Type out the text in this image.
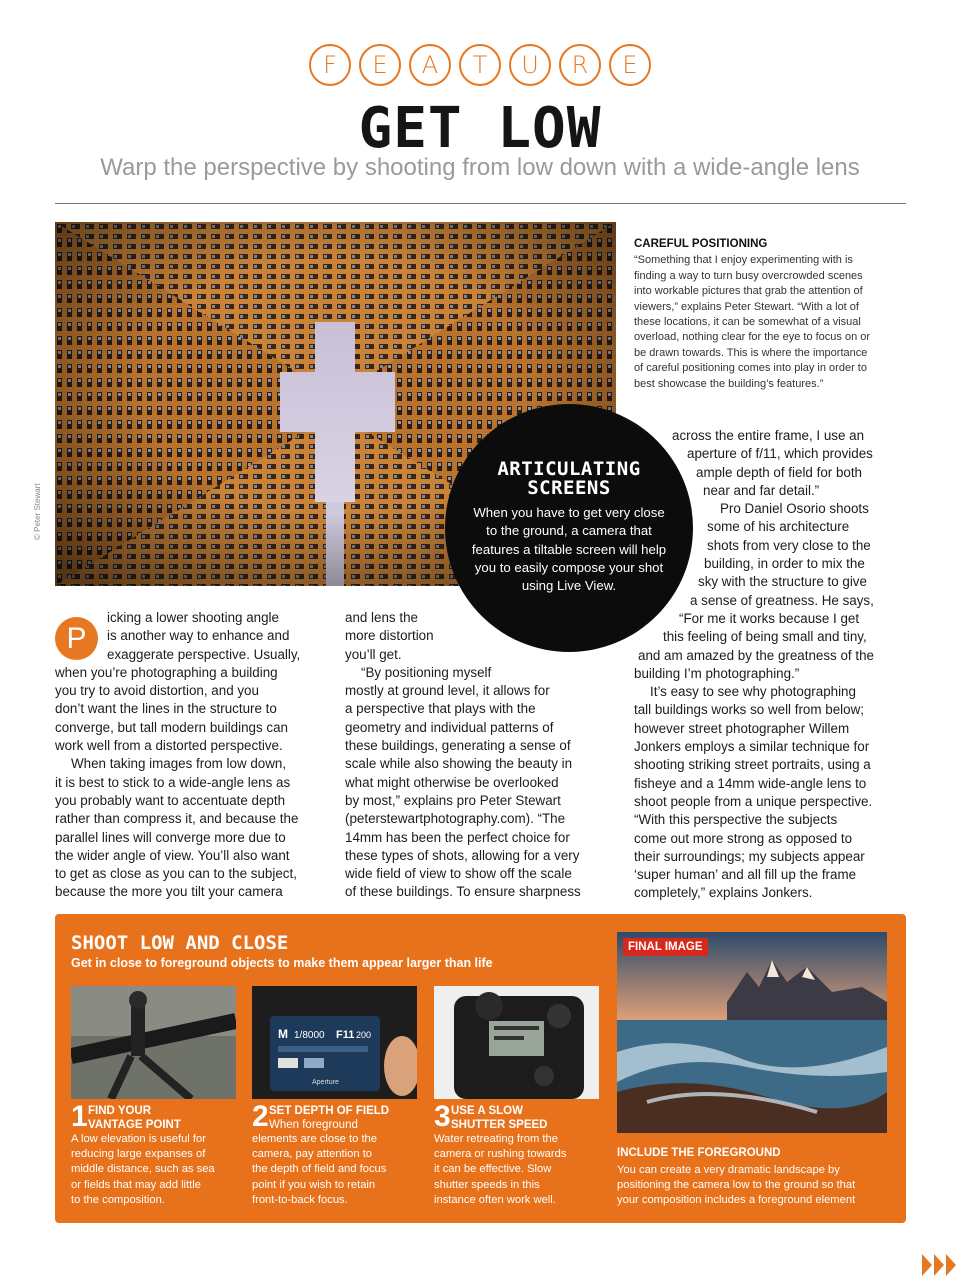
F	E	A	T	U	R	E
GET LOW
Warp the perspective by shooting from low down with a wide-angle lens
© Peter Stewart
CAREFUL POSITIONING
“Something that I enjoy experimenting with is
finding a way to turn busy overcrowded scenes
into workable pictures that grab the attention of
viewers,” explains Peter Stewart. “With a lot of
these locations, it can be somewhat of a visual
overload, nothing clear for the eye to focus on or
be drawn towards. This is where the importance
of careful positioning comes into play in order to
best showcase the building’s features.”
P
icking a lower shooting angle
is another way to enhance and
exaggerate perspective. Usually,
when you’re photographing a building
you try to avoid distortion, and you
don’t want the lines in the structure to
converge, but tall modern buildings can
work well from a distorted perspective.
When taking images from low down,
it is best to stick to a wide-angle lens as
you probably want to accentuate depth
rather than compress it, and because the
parallel lines will converge more due to
the wider angle of view. You’ll also want
to get as close as you can to the subject,
because the more you tilt your camera
and lens the
more distortion
you’ll get.
“By positioning myself
mostly at ground level, it allows for
a perspective that plays with the
geometry and individual patterns of
these buildings, generating a sense of
scale while also showing the beauty in
what might otherwise be overlooked
by most,” explains pro Peter Stewart
(peterstewartphotography.com). “The
14mm has been the perfect choice for
these types of shots, allowing for a very
wide field of view to show off the scale
of these buildings. To ensure sharpness
across the entire frame, I use an
aperture of f/11, which provides
ample depth of field for both
near and far detail.”
Pro Daniel Osorio shoots
some of his architecture
shots from very close to the
building, in order to mix the
sky with the structure to give
a sense of greatness. He says,
“For me it works because I get
this feeling of being small and tiny,
and am amazed by the greatness of the
building I’m photographing.”
It’s easy to see why photographing
tall buildings works so well from below;
however street photographer Willem
Jonkers employs a similar technique for
shooting striking street portraits, using a
fisheye and a 14mm wide-angle lens to
shoot people from a unique perspective.
“With this perspective the subjects
come out more strong as opposed to
their surroundings; my subjects appear
‘super human’ and all fill up the frame
completely,” explains Jonkers.
ARTICULATING
SCREENS

When you have to get very close
to the ground, a camera that
features a tiltable screen will help
you to easily compose your shot
using Live View.

SHOOT LOW AND CLOSE
Get in close to foreground objects to make them appear larger than life
M 1/8000 F11 200
Aperture
1 FIND YOUR
VANTAGE POINT
A low elevation is useful for
reducing large expanses of
middle distance, such as sea
or fields that may add little
to the composition.
2 SET DEPTH OF FIELD
When foreground
elements are close to the
camera, pay attention to
the depth of field and focus
point if you wish to retain
front-to-back focus.
3 USE A SLOW
SHUTTER SPEED
Water retreating from the
camera or rushing towards
it can be effective. Slow
shutter speeds in this
instance often work well.
FINAL IMAGE
INCLUDE THE FOREGROUND
You can create a very dramatic landscape by
positioning the camera low to the ground so that
your composition includes a foreground element
